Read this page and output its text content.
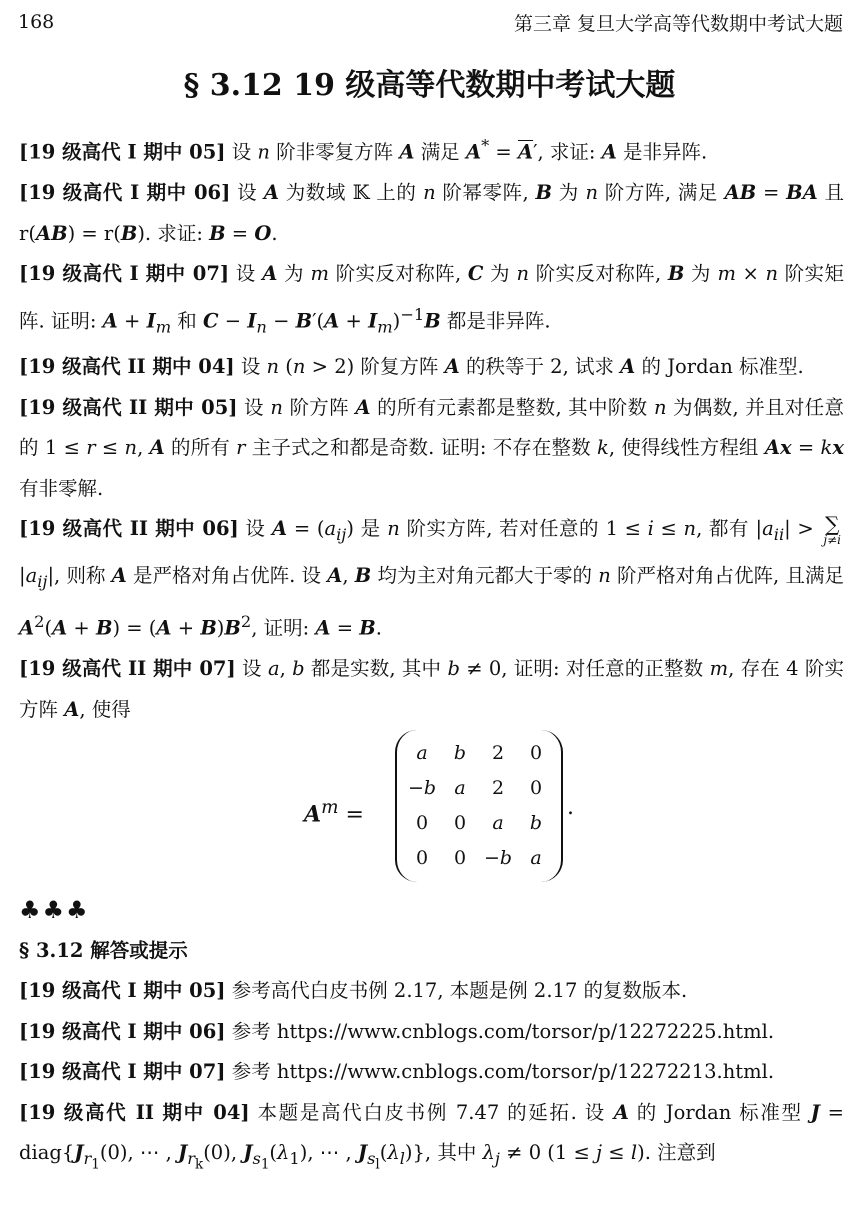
168	第三章 复旦大学高等代数期中考试大题
§ 3.12 19 级高等代数期中考试大题

[19 级高代 I 期中 05] 设 n 阶非零复方阵 A 满足 $A^* = \overline{A}'$, 求证: A 是非异阵.

[19 级高代 I 期中 06] 设 A 为数域 𝕂 上的 n 阶幂零阵, B 为 n 阶方阵, 满足 AB = BA 且 r(AB) = r(B). 求证: B = O.

[19 级高代 I 期中 07] 设 A 为 m 阶实反对称阵, C 为 n 阶实反对称阵, B 为 m × n 阶实矩阵. 证明: $A + I_m$ 和 $C - I_n - B'(A + I_m)^{-1}B$ 都是非异阵.

[19 级高代 II 期中 04] 设 n (n > 2) 阶复方阵 A 的秩等于 2, 试求 A 的 Jordan 标准型.

[19 级高代 II 期中 05] 设 n 阶方阵 A 的所有元素都是整数, 其中阶数 n 为偶数, 并且对任意的 1 ≤ r ≤ n, A 的所有 r 主子式之和都是奇数. 证明: 不存在整数 k, 使得线性方程组 Ax = kx 有非零解.

[19 级高代 II 期中 06] 设 $A = (a_{ij})$ 是 n 阶实方阵, 若对任意的 1 ≤ i ≤ n, 都有 $|a_{ii}|$ > ∑
j≠i
$|a_{ij}|$, 则称 A 是严格对角占优阵. 设 A, B 均为主对角元都大于零的 n 阶严格对角占优阵, 且满足 $A^2(A + B) = (A + B)B^2$, 证明: A = B.

[19 级高代 II 期中 07] 设 a, b 都是实数, 其中 b ≠ 0, 证明: 对任意的正整数 m, 存在 4 阶实方阵 A, 使得

$A^m$ =
a	b	2	0
−b	a	2	0
0	0	a	b
0	0	−b	a
.

♣♣♣

§ 3.12 解答或提示

[19 级高代 I 期中 05] 参考高代白皮书例 2.17, 本题是例 2.17 的复数版本.

[19 级高代 I 期中 06] 参考 https://www.cnblogs.com/torsor/p/12272225.html.

[19 级高代 I 期中 07] 参考 https://www.cnblogs.com/torsor/p/12272213.html.

[19 级高代 II 期中 04] 本题是高代白皮书例 7.47 的延拓. 设 A 的 Jordan 标准型 $J = diag\{J_{r_1}(0)$, ⋯ , $J_{r_k}(0)$, $J_{s_1}(\lambda_1)$, ⋯ , $J_{s_l}(\lambda_l)$}, 其中 $\lambda_j \ne 0$ (1 ≤ j ≤ l). 注意到
